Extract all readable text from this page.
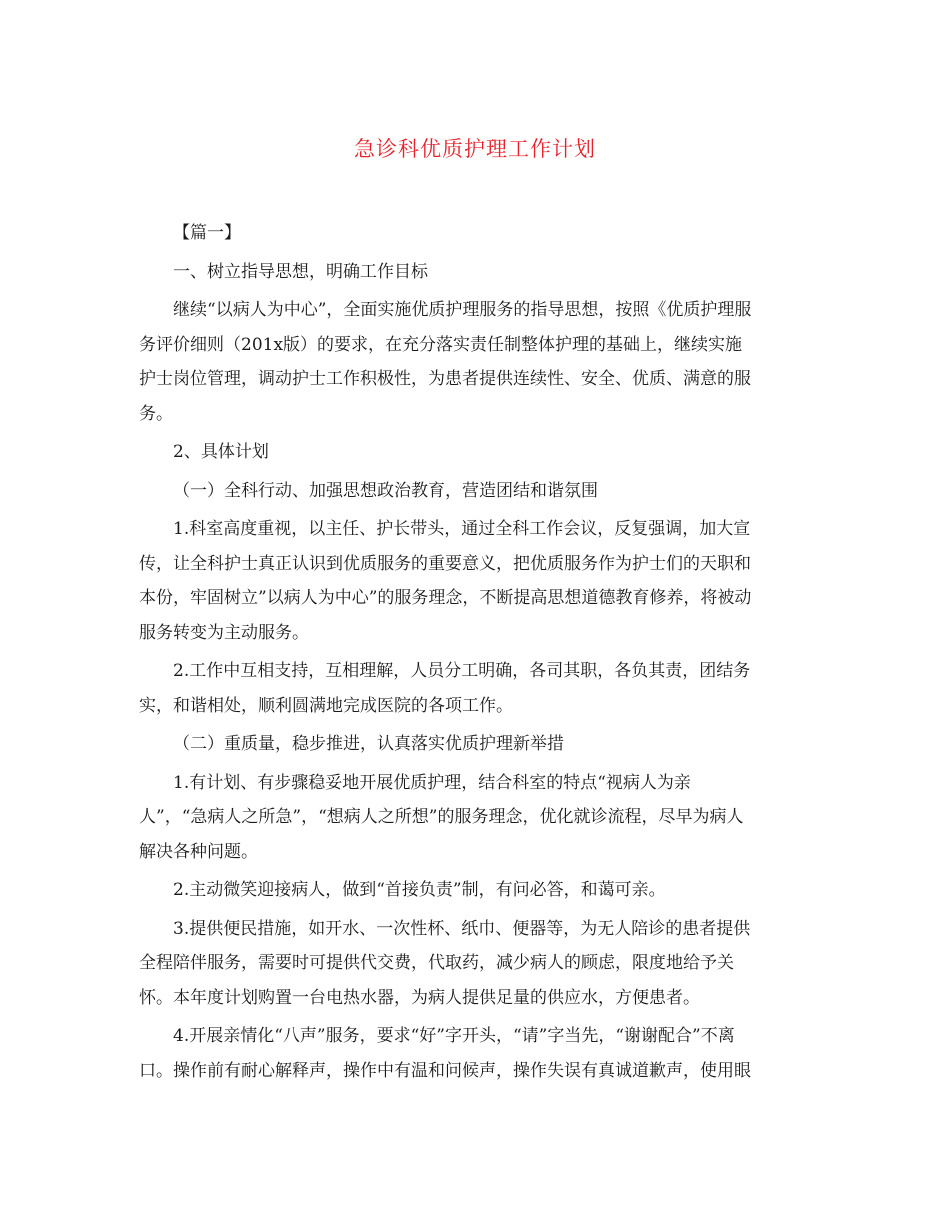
急诊科优质护理工作计划
【篇一】
一、树立指导思想，明确工作目标
继续“以病人为中心”，全面实施优质护理服务的指导思想，按照《优质护理服
务评价细则（201x版）的要求，在充分落实责任制整体护理的基础上，继续实施
护士岗位管理，调动护士工作积极性，为患者提供连续性、安全、优质、满意的服
务。
2、具体计划
（一）全科行动、加强思想政治教育，营造团结和谐氛围
1.科室高度重视，以主任、护长带头，通过全科工作会议，反复强调，加大宣
传，让全科护士真正认识到优质服务的重要意义，把优质服务作为护士们的天职和
本份，牢固树立”以病人为中心”的服务理念，不断提高思想道德教育修养，将被动
服务转变为主动服务。
2.工作中互相支持，互相理解，人员分工明确，各司其职，各负其责，团结务
实，和谐相处，顺利圆满地完成医院的各项工作。
（二）重质量，稳步推进，认真落实优质护理新举措
1.有计划、有步骤稳妥地开展优质护理，结合科室的特点“视病人为亲
人”，“急病人之所急”，“想病人之所想”的服务理念，优化就诊流程，尽早为病人
解决各种问题。
2.主动微笑迎接病人，做到“首接负责”制，有问必答，和蔼可亲。
3.提供便民措施，如开水、一次性杯、纸巾、便器等，为无人陪诊的患者提供
全程陪伴服务，需要时可提供代交费，代取药，减少病人的顾虑，限度地给予关
怀。本年度计划购置一台电热水器，为病人提供足量的供应水，方便患者。
4.开展亲情化“八声”服务，要求“好”字开头，“请”字当先，“谢谢配合”不离
口。操作前有耐心解释声，操作中有温和问候声，操作失误有真诚道歉声，使用眼
